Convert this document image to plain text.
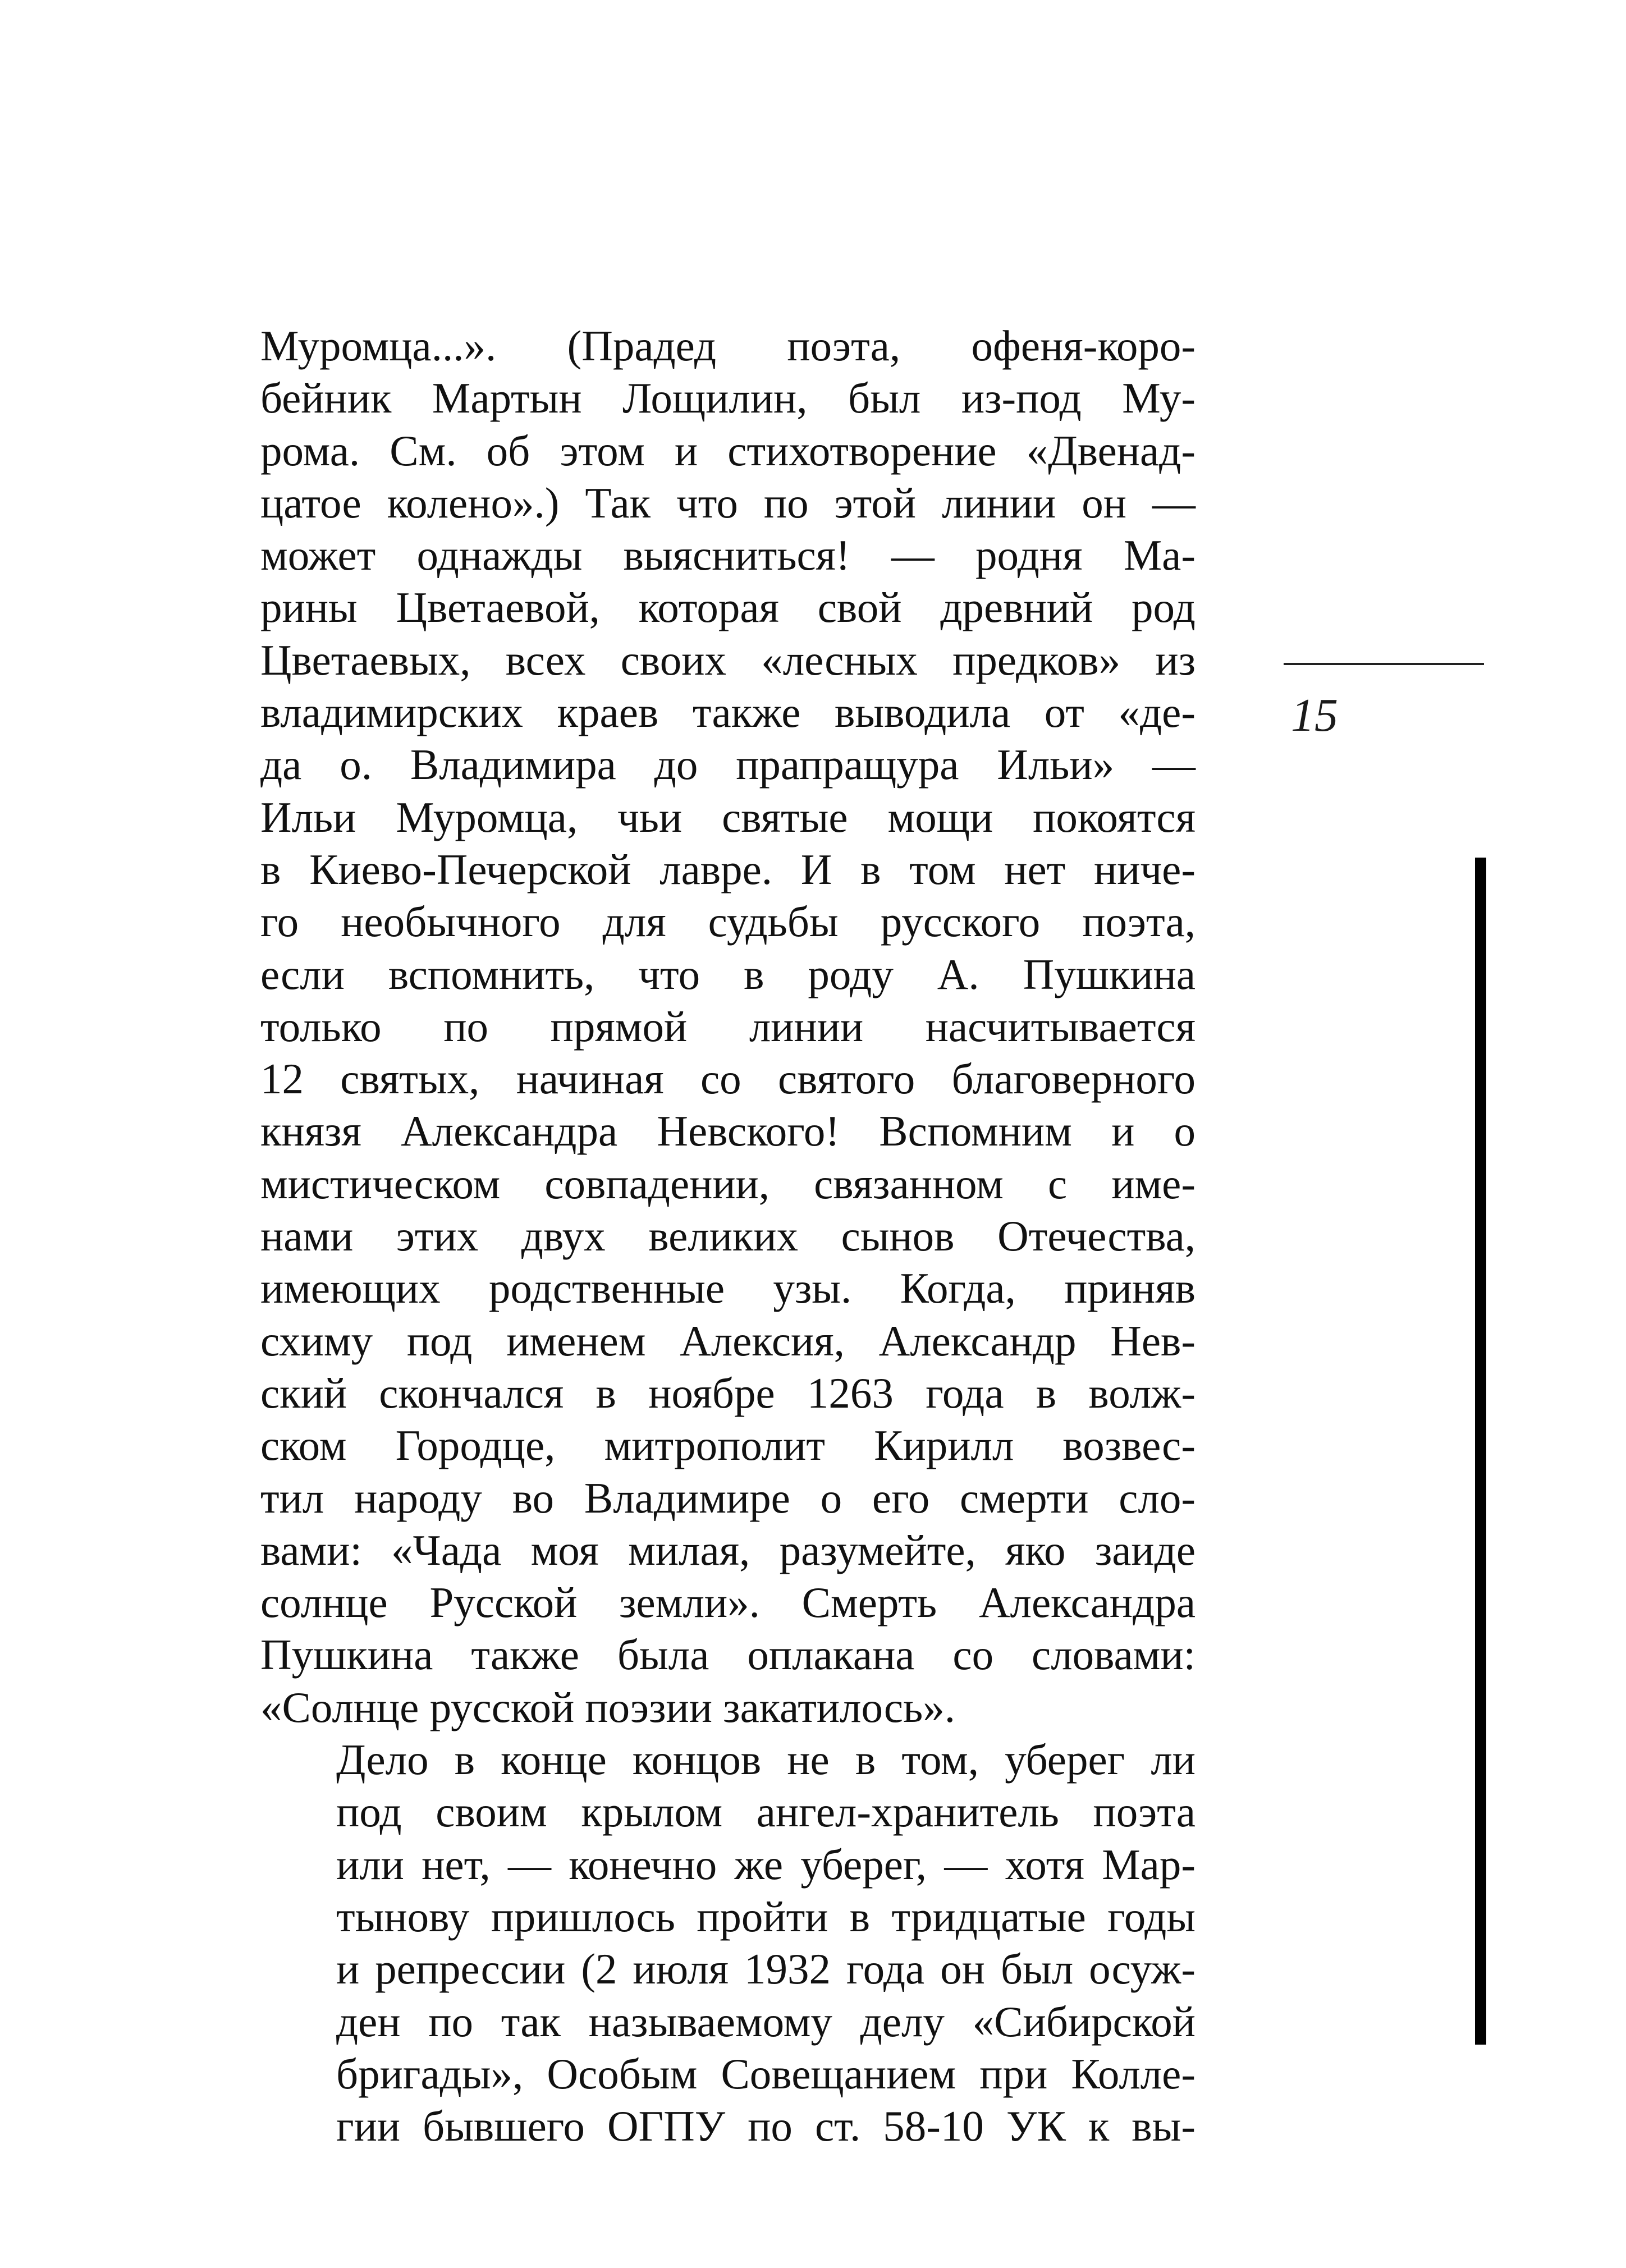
Муромца...». (Прадед поэта, офеня-коро-
бейник Мартын Лощилин, был из-под Му-
рома. См. об этом и стихотворение «Двенад-
цатое колено».) Так что по этой линии он —
может однажды выясниться! — родня Ма-
рины Цветаевой, которая свой древний род
Цветаевых, всех своих «лесных предков» из
владимирских краев также выводила от «де-
да о. Владимира до прапращура Ильи» —
Ильи Муромца, чьи святые мощи покоятся
в Киево-Печерской лавре. И в том нет ниче-
го необычного для судьбы русского поэта,
если вспомнить, что в роду А. Пушкина
только по прямой линии насчитывается
12 святых, начиная со святого благоверного
князя Александра Невского! Вспомним и о
мистическом совпадении, связанном с име-
нами этих двух великих сынов Отечества,
имеющих родственные узы. Когда, приняв
схиму под именем Алексия, Александр Нев-
ский скончался в ноябре 1263 года в волж-
ском Городце, митрополит Кирилл возвес-
тил народу во Владимире о его смерти сло-
вами: «Чада моя милая, разумейте, яко заиде
солнце Русской земли». Смерть Александра
Пушкина также была оплакана со словами:
«Солнце русской поэзии закатилось».

Дело в конце концов не в том, уберег ли
под своим крылом ангел-хранитель поэта
или нет, — конечно же уберег, — хотя Мар-
тынову пришлось пройти в тридцатые годы
и репрессии (2 июля 1932 года он был осуж-
ден по так называемому делу «Сибирской
бригады», Особым Совещанием при Колле-
гии бывшего ОГПУ по ст. 58-10 УК к вы-

15
